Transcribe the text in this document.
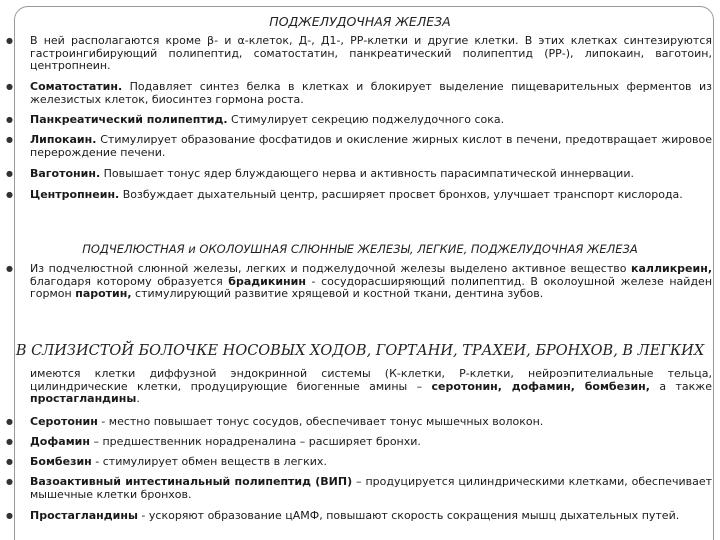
ПОДЖЕЛУДОЧНАЯ ЖЕЛЕЗА
● В ней располагаются кроме β- и α-клеток, Д-, Д1-, РР-клетки и другие клетки. В этих клетках синтезируются гастроингибирующий полипептид, соматостатин, панкреатический полипептид (РР-), липокаин, ваготоин, центропнеин.
● Соматостатин. Подавляет синтез белка в клетках и блокирует выделение пищеварительных ферментов из железистых клеток, биосинтез гормона роста.
● Панкреатический полипептид. Стимулирует секрецию поджелудочного сока.
● Липокаин. Стимулирует образование фосфатидов и окисление жирных кислот в печени, предотвращает жировое перерождение печени.
● Ваготонин. Повышает тонус ядер блуждающего нерва и активность парасимпатической иннервации.
● Центропнеин. Возбуждает дыхательный центр, расширяет просвет бронхов, улучшает транспорт кислорода.
ПОДЧЕЛЮСТНАЯ и ОКОЛОУШНАЯ СЛЮННЫЕ ЖЕЛЕЗЫ, ЛЕГКИЕ, ПОДЖЕЛУДОЧНАЯ ЖЕЛЕЗА
● Из подчелюстной слюнной железы, легких и поджелудочной железы выделено активное вещество калликреин, благодаря которому образуется брадикинин - сосудорасширяющий полипептид. В околоушной железе найден гормон паротин, стимулирующий развитие хрящевой и костной ткани, дентина зубов.
В СЛИЗИСТОЙ БОЛОЧКЕ НОСОВЫХ ХОДОВ, ГОРТАНИ, ТРАХЕИ, БРОНХОВ, В ЛЕГКИХ
имеются клетки диффузной эндокринной системы (К-клетки, Р-клетки, нейроэпителиальные тельца, цилиндрические клетки, продуцирующие биогенные амины – серотонин, дофамин, бомбезин, а также простагландины.
● Серотонин - местно повышает тонус сосудов, обеспечивает тонус мышечных волокон.
● Дофамин – предшественник норадреналина – расширяет бронхи.
● Бомбезин - стимулирует обмен веществ в легких.
● Вазоактивный интестинальный полипептид (ВИП) – продуцируется цилиндрическими клетками, обеспечивает мышечные клетки бронхов.
● Простагландины - ускоряют образование цАМФ, повышают скорость сокращения мышц дыхательных путей.
